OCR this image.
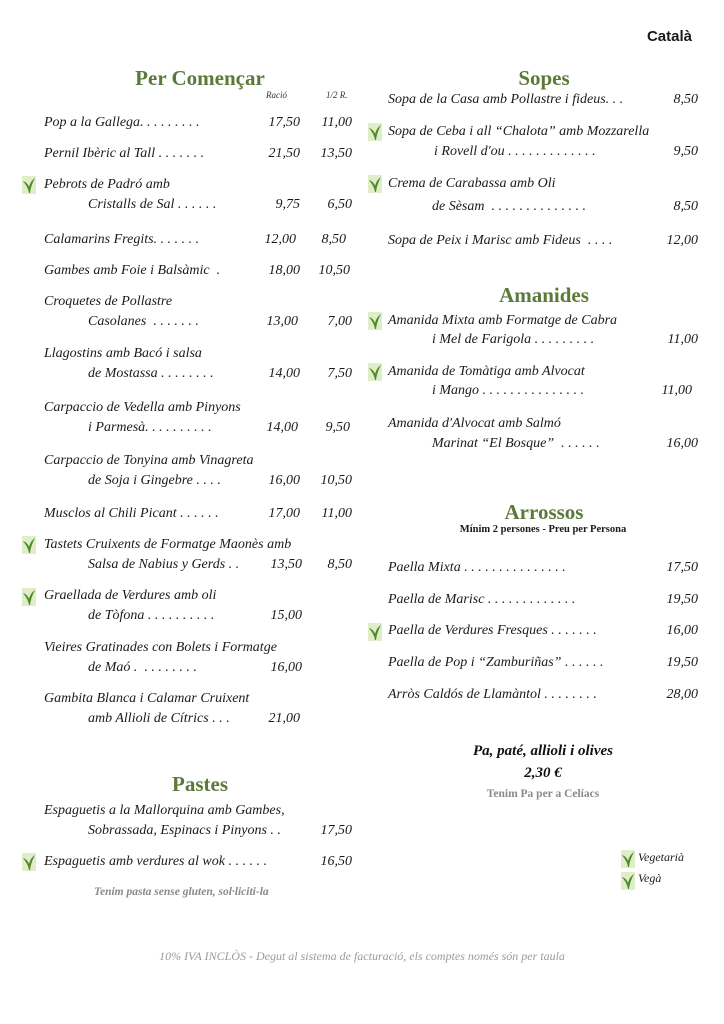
Català
Per Començar
Ració	1/2 R.
Pop a la Gallega. . . . . . . . .	17,50	11,00
Pernil Ibèric al Tall . . . . . . .	21,50	13,50
Pebrots de Padró amb
Cristalls de Sal . . . . . .	9,75	6,50
Calamarins Fregits. . . . . . .	12,00	8,50
Gambes amb Foie i Balsàmic  .	18,00	10,50
Croquetes de Pollastre
Casolanes  . . . . . . .	13,00	7,00
Llagostins amb Bacó i salsa
de Mostassa . . . . . . . .	14,00	7,50
Carpaccio de Vedella amb Pinyons
i Parmesà. . . . . . . . . .	14,00	9,50
Carpaccio de Tonyina amb Vinagreta
de Soja i Gingebre . . . .	16,00	10,50
Musclos al Chili Picant . . . . . .	17,00	11,00
Tastets Cruixents de Formatge Maonès amb
Salsa de Nabius y Gerds . .	13,50	8,50
Graellada de Verdures amb oli
de Tòfona . . . . . . . . . .	15,00
Vieires Gratinades con Bolets i Formatge
de Maó .  . . . . . . . .	16,00
Gambita Blanca i Calamar Cruixent
amb Allioli de Cítrics . . .	21,00
Pastes
Espaguetis a la Mallorquina amb Gambes,
Sobrassada, Espinacs i Pinyons . .	17,50
Espaguetis amb verdures al wok . . . . . .	16,50
Tenim pasta sense gluten, sol·liciti-la
Sopes
Sopa de la Casa amb Pollastre i fideus. . .	8,50
Sopa de Ceba i all “Chalota” amb Mozzarella
i Rovell d'ou . . . . . . . . . . . . .	9,50
Crema de Carabassa amb Oli
de Sèsam  . . . . . . . . . . . . . .	8,50
Sopa de Peix i Marisc amb Fideus  . . . .	12,00
Amanides
Amanida Mixta amb Formatge de Cabra
i Mel de Farigola . . . . . . . . .	11,00
Amanida de Tomàtiga amb Alvocat
i Mango . . . . . . . . . . . . . . .	11,00
Amanida d'Alvocat amb Salmó
Marinat “El Bosque”  . . . . . .	16,00
Arrossos
Mínim 2 persones - Preu per Persona
Paella Mixta . . . . . . . . . . . . . . .	17,50
Paella de Marisc . . . . . . . . . . . . .	19,50
Paella de Verdures Fresques . . . . . . .	16,00
Paella de Pop i “Zamburiñas” . . . . . .	19,50
Arròs Caldós de Llamàntol . . . . . . . .	28,00
Pa, paté, allioli i olives
2,30 €
Tenim Pa per a Celíacs
Vegetarià
Vegà
10% IVA INCLÒS - Degut al sistema de facturació, els comptes només són per taula
